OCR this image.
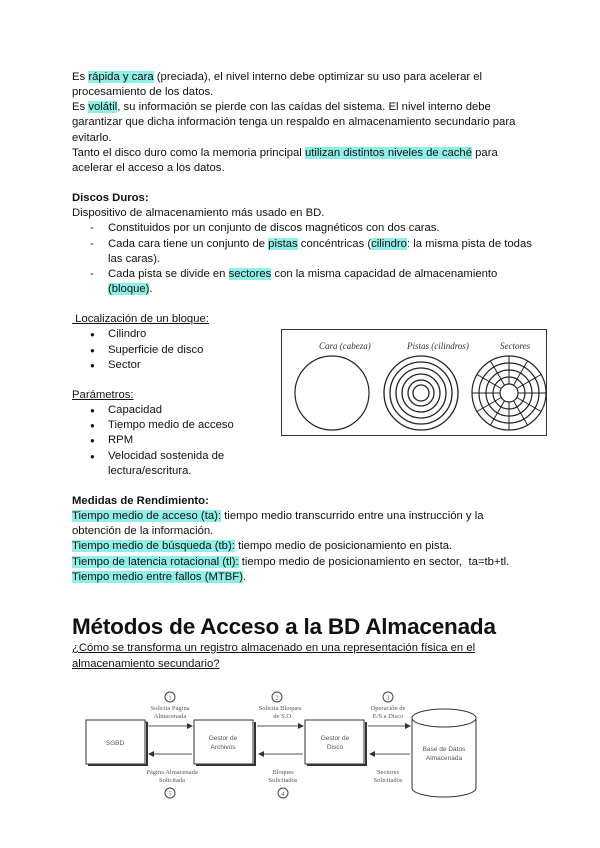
Es rápida y cara (preciada), el nivel interno debe optimizar su uso para acelerar el
procesamiento de los datos.
Es volátil, su información se pierde con las caídas del sistema. El nivel interno debe
garantizar que dicha información tenga un respaldo en almacenamiento secundario para
evitarlo.
Tanto el disco duro como la memoria principal utilizan distintos niveles de caché para
acelerar el acceso a los datos.
Discos Duros:
Dispositivo de almacenamiento más usado en BD.
- Constituidos por un conjunto de discos magnéticos con dos caras.
- Cada cara tiene un conjunto de pistas concéntricas (cilindro: la misma pista de todas
las caras).
- Cada pista se divide en sectores con la misma capacidad de almacenamiento
(bloque).
Localización de un bloque:
● Cilindro
● Superficie de disco
● Sector
Parámetros:
● Capacidad
● Tiempo medio de acceso
● RPM
● Velocidad sostenida de
lectura/escritura.
Medidas de Rendimiento:
Tiempo medio de acceso (ta): tiempo medio transcurrido entre una instrucción y la
obtención de la información.
Tiempo medio de búsqueda (tb): tiempo medio de posicionamiento en pista.
Tiempo de latencia rotacional (tl): tiempo medio de posicionamiento en sector,  ta=tb+tl.
Tiempo medio entre fallos (MTBF).
Cara (cabeza)	Pistas (cilindros)	Sectores
Métodos de Acceso a la BD Almacenada
¿Cómo se transforma un registro almacenado en una representación física en el
almacenamiento secundario?
SGBD
Gestor de
Archivos
Gestor de
Disco	Base de Datos
Almacenada
1
Solicita Página
Almacenada
2
Solicita Bloques
de S.O.
3
Operación de
E/S a Disco
Bloques
Solicitados
4
Página Almacenada
Solicitada
5
Sectores
Solicitados
